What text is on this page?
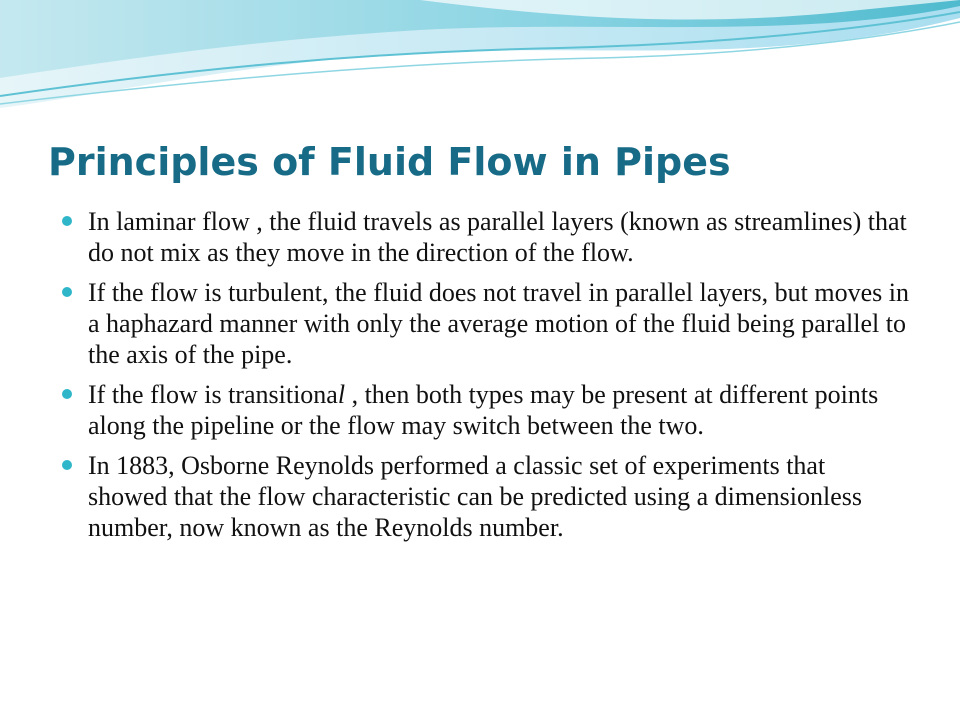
Principles of Fluid Flow in Pipes
In laminar flow , the fluid travels as parallel layers (known as streamlines) that do not mix as they move in the direction of the flow.
If the flow is turbulent, the fluid does not travel in parallel layers, but moves in a haphazard manner with only the average motion of the fluid being parallel to the axis of the pipe.
If the flow is transitional , then both types may be present at different points along the pipeline or the flow may switch between the two.
In 1883, Osborne Reynolds performed a classic set of experiments that showed that the flow characteristic can be predicted using a dimensionless number, now known as the Reynolds number.
